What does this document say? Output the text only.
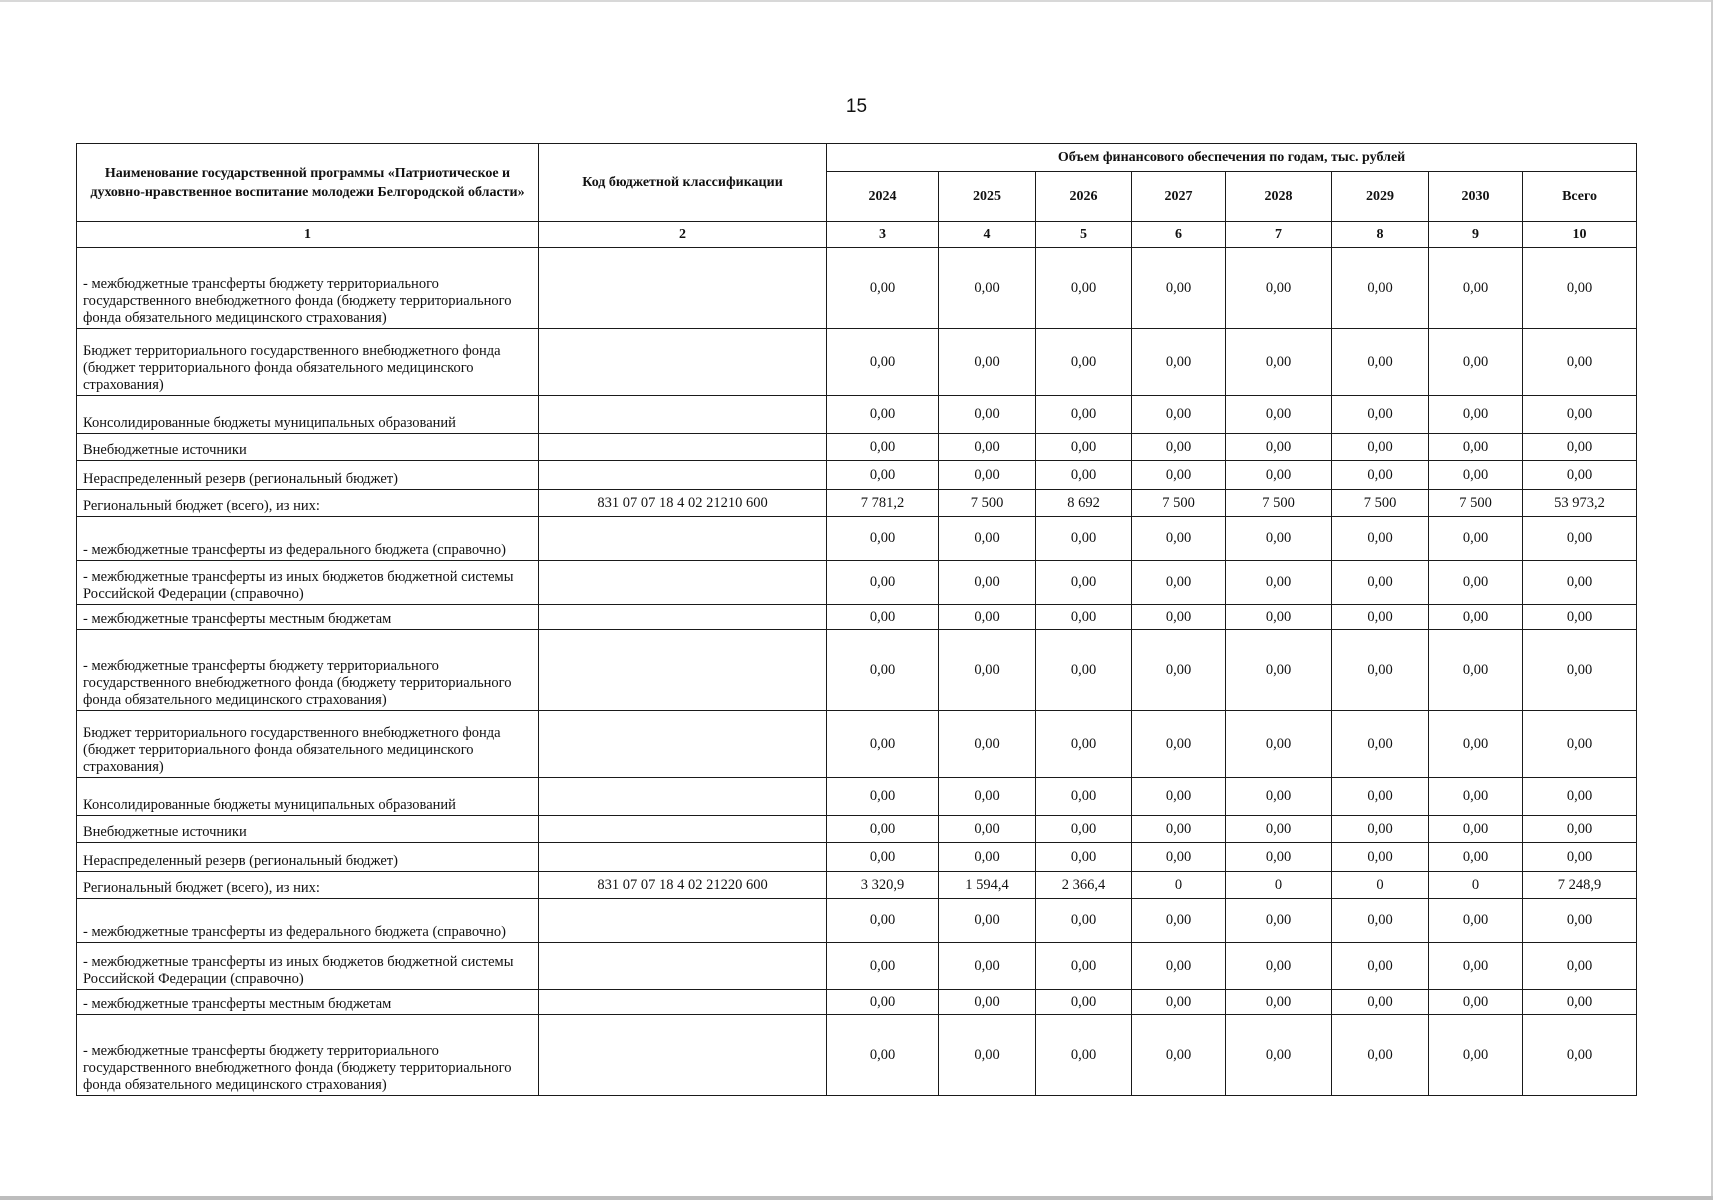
15
Наименование государственной программы «Патриотическое и духовно-нравственное воспитание молодежи Белгородской области»	Код бюджетной классификации	Объем финансового обеспечения по годам, тыс. рублей							
		2024	2025	2026	2027	2028	2029	2030	Всего
1	2	3	4	5	6	7	8	9	10
- межбюджетные трансферты бюджету территориального государственного внебюджетного фонда (бюджету территориального фонда обязательного медицинского страхования)		0,00	0,00	0,00	0,00	0,00	0,00	0,00	0,00
Бюджет территориального государственного внебюджетного фонда (бюджет территориального фонда обязательного медицинского страхования)		0,00	0,00	0,00	0,00	0,00	0,00	0,00	0,00
Консолидированные бюджеты муниципальных образований		0,00	0,00	0,00	0,00	0,00	0,00	0,00	0,00
Внебюджетные источники		0,00	0,00	0,00	0,00	0,00	0,00	0,00	0,00
Нераспределенный резерв (региональный бюджет)		0,00	0,00	0,00	0,00	0,00	0,00	0,00	0,00
Региональный бюджет (всего), из них:	831 07 07 18 4 02 21210 600	7 781,2	7 500	8 692	7 500	7 500	7 500	7 500	53 973,2
- межбюджетные трансферты из федерального бюджета (справочно)		0,00	0,00	0,00	0,00	0,00	0,00	0,00	0,00
- межбюджетные трансферты из иных бюджетов бюджетной системы Российской Федерации (справочно)		0,00	0,00	0,00	0,00	0,00	0,00	0,00	0,00
- межбюджетные трансферты местным бюджетам		0,00	0,00	0,00	0,00	0,00	0,00	0,00	0,00
- межбюджетные трансферты бюджету территориального государственного внебюджетного фонда (бюджету территориального фонда обязательного медицинского страхования)		0,00	0,00	0,00	0,00	0,00	0,00	0,00	0,00
Бюджет территориального государственного внебюджетного фонда (бюджет территориального фонда обязательного медицинского страхования)		0,00	0,00	0,00	0,00	0,00	0,00	0,00	0,00
Консолидированные бюджеты муниципальных образований		0,00	0,00	0,00	0,00	0,00	0,00	0,00	0,00
Внебюджетные источники		0,00	0,00	0,00	0,00	0,00	0,00	0,00	0,00
Нераспределенный резерв (региональный бюджет)		0,00	0,00	0,00	0,00	0,00	0,00	0,00	0,00
Региональный бюджет (всего), из них:	831 07 07 18 4 02 21220 600	3 320,9	1 594,4	2 366,4	0	0	0	0	7 248,9
- межбюджетные трансферты из федерального бюджета (справочно)		0,00	0,00	0,00	0,00	0,00	0,00	0,00	0,00
- межбюджетные трансферты из иных бюджетов бюджетной системы Российской Федерации (справочно)		0,00	0,00	0,00	0,00	0,00	0,00	0,00	0,00
- межбюджетные трансферты местным бюджетам		0,00	0,00	0,00	0,00	0,00	0,00	0,00	0,00
- межбюджетные трансферты бюджету территориального государственного внебюджетного фонда (бюджету территориального фонда обязательного медицинского страхования)		0,00	0,00	0,00	0,00	0,00	0,00	0,00	0,00
